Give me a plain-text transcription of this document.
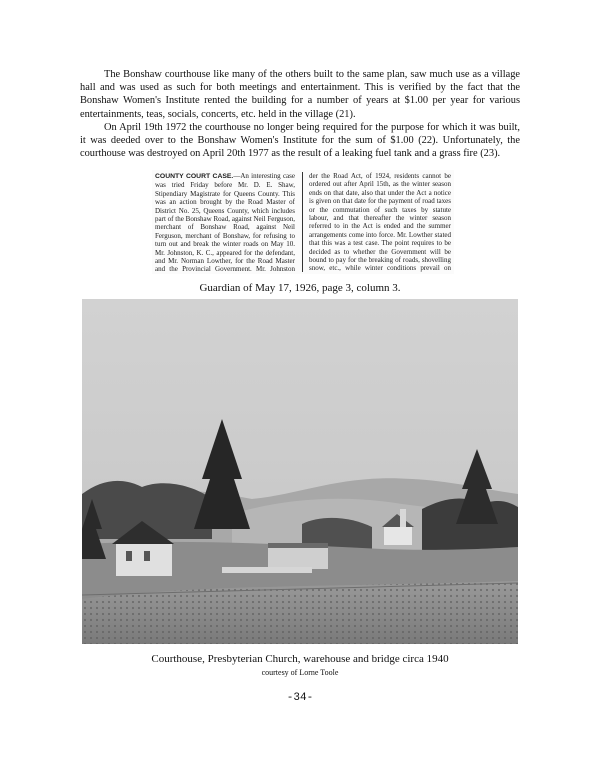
The Bonshaw courthouse like many of the others built to the same plan, saw much use as a village hall and was used as such for both meetings and entertainment. This is verified by the fact that the Bonshaw Women's Institute rented the building for a number of years at $1.00 per year for various entertainments, teas, socials, concerts, etc. held in the village (21).

On April 19th 1972 the courthouse no longer being required for the purpose for which it was built, it was deeded over to the Bonshaw Women's Institute for the sum of $1.00 (22). Unfortunately, the courthouse was destroyed on April 20th 1977 as the result of a leaking fuel tank and a grass fire (23).

COUNTY COURT CASE.—An interesting case was tried Friday before Mr. D. E. Shaw, Stipendiary Magistrate for Queens County. This was an action brought by the Road Master of District No. 25, Queens County, which includes part of the Bonshaw Road, against Neil Ferguson, merchant of Bonshaw Road, against Neil Ferguson, merchant of Bonshaw, for refusing to turn out and break the winter roads on May 10. Mr. Johnston, K. C., appeared for the defendant, and Mr. Norman Lowther, for the Road Master and the Provincial Government. Mr. Johnston

der the Road Act, of 1924, residents cannot be ordered out after April 15th, as the winter season ends on that date, also that under the Act a notice is given on that date for the payment of road taxes or the commutation of such taxes by statute labour, and that thereafter the winter season referred to in the Act is ended and the summer arrangements come into force. Mr. Lowther stated that this was a test case. The point requires to be decided as to whether the Government will be bound to pay for the breaking of roads, shovelling snow, etc., while winter conditions prevail on

Guardian of May 17, 1926, page 3, column 3.

Courthouse, Presbyterian Church, warehouse and bridge circa 1940

courtesy of Lorne Toole

-34-
